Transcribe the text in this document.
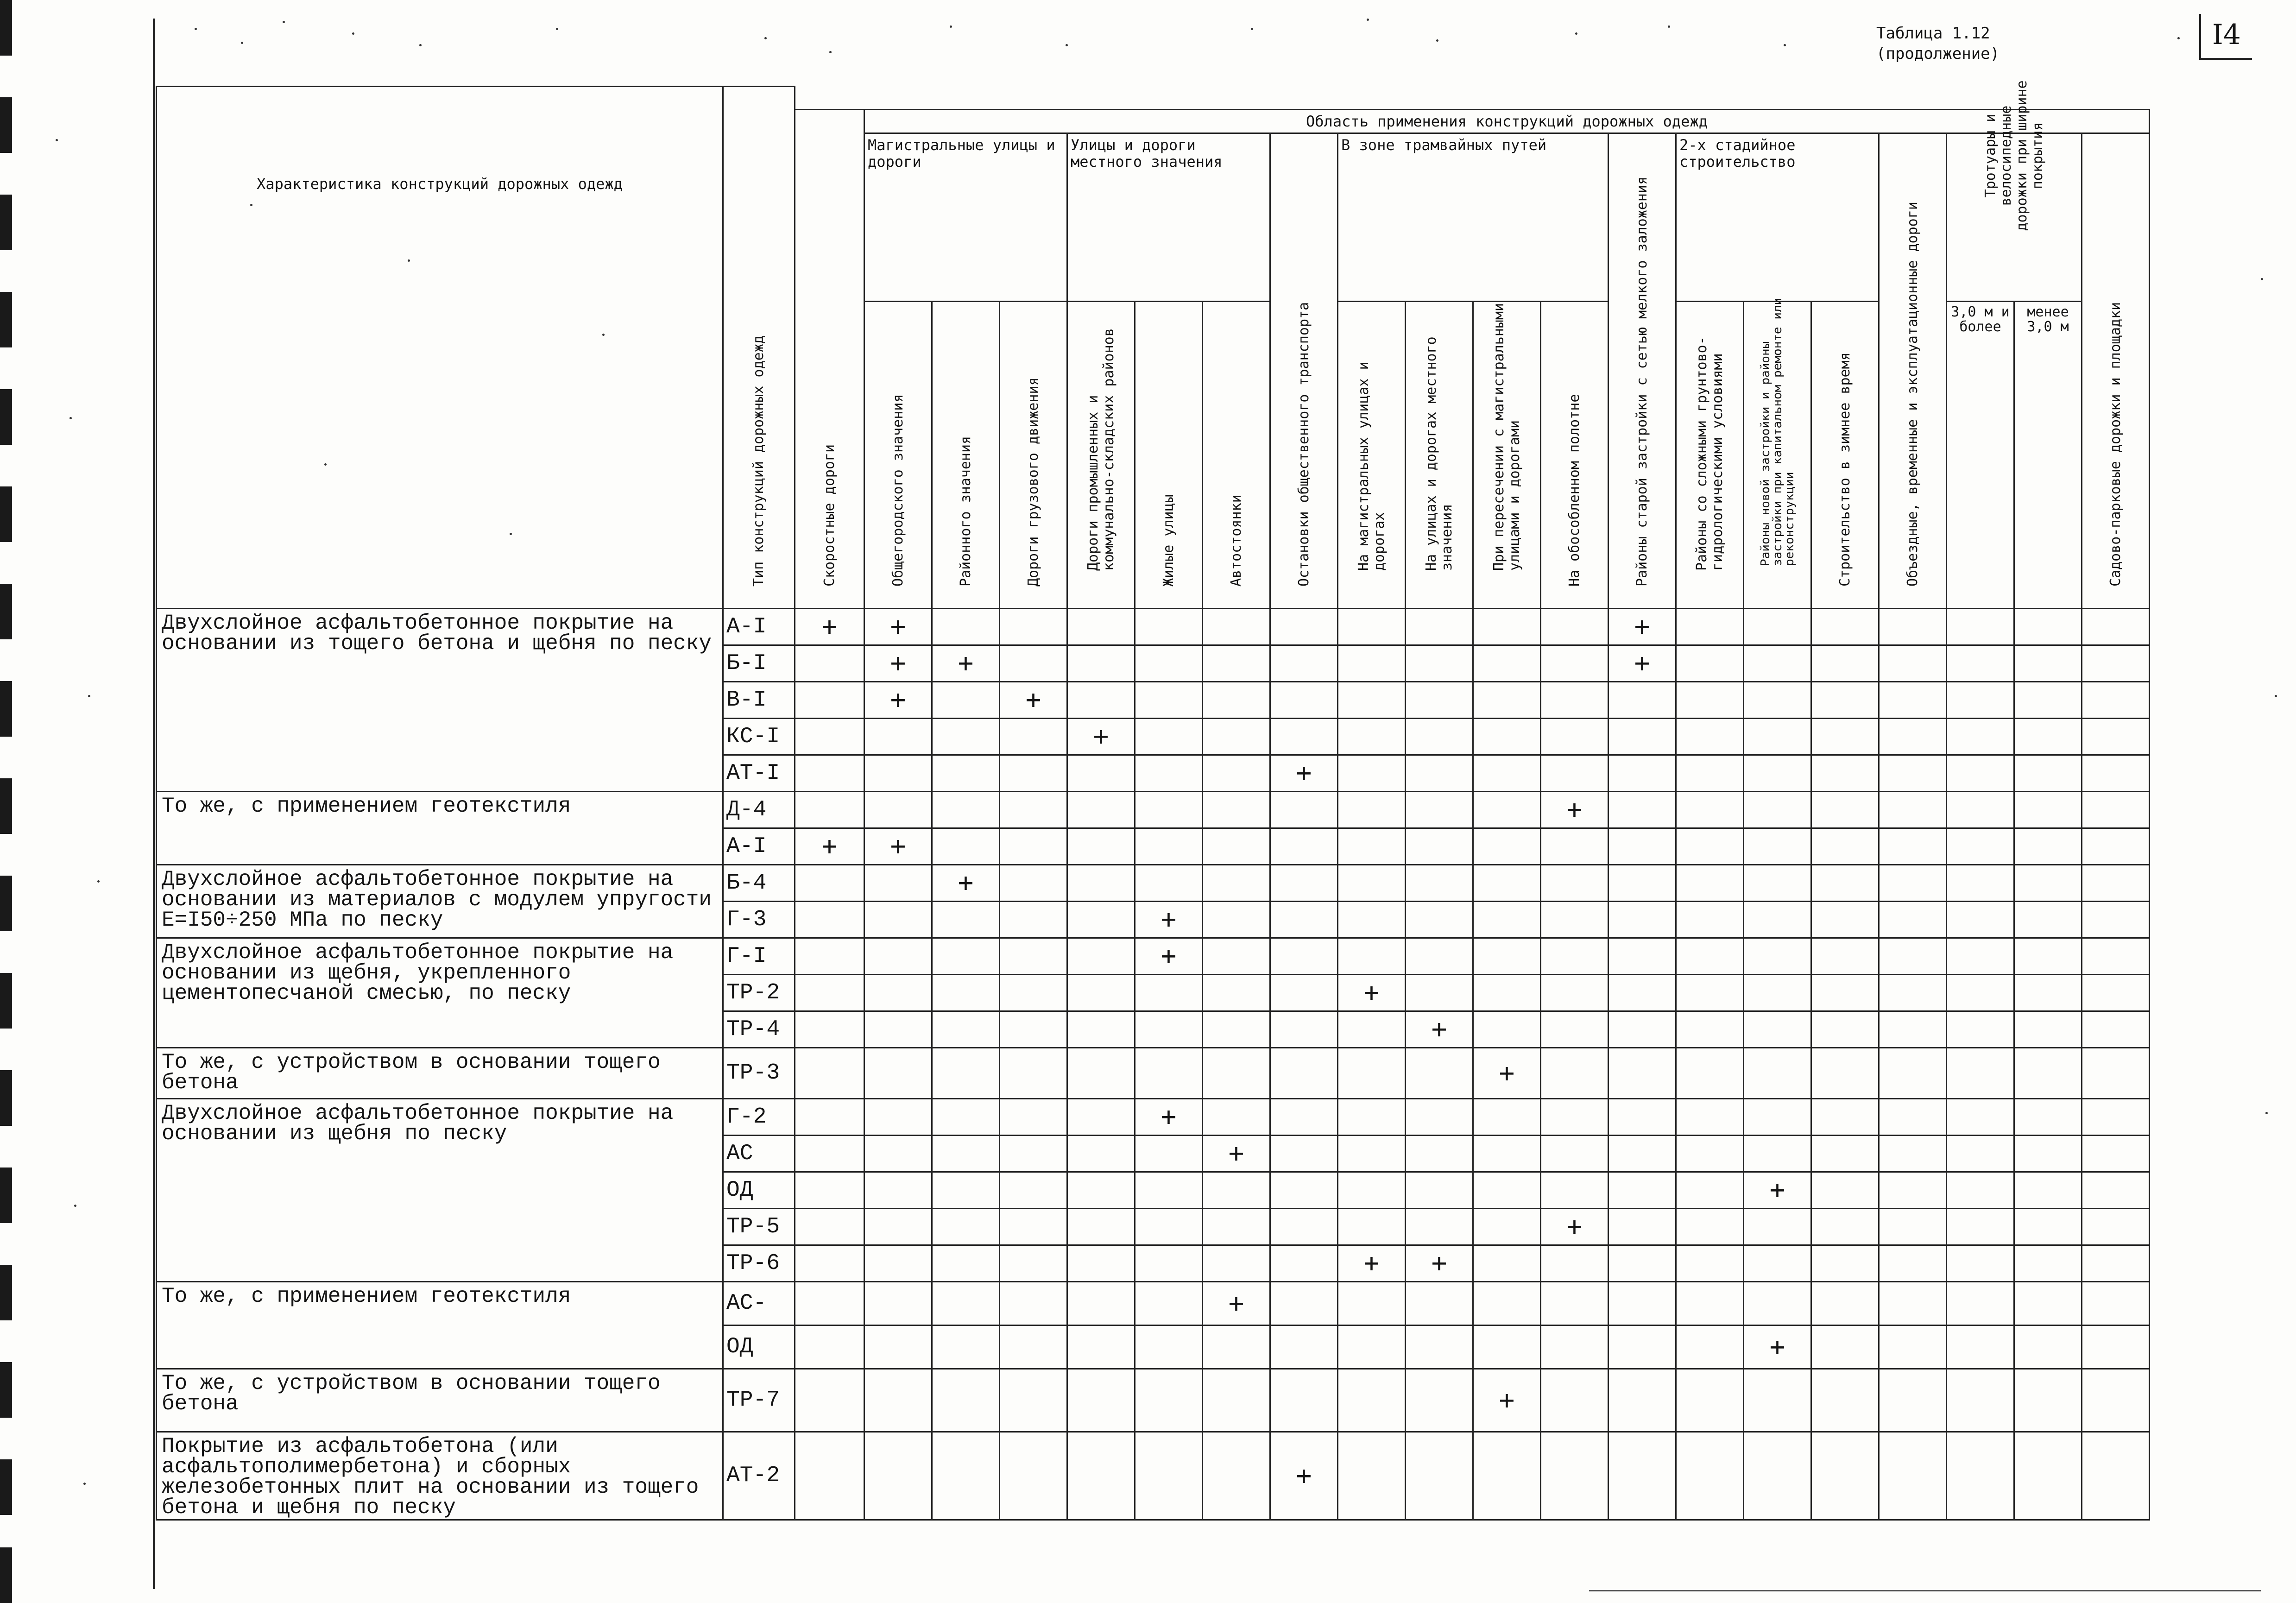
I4
Таблица 1.12
(продолжение)
Характеристика конструкций дорожных одежд	Тип конструкций дорожных одежд																				

		Скоростные дороги	Область применения конструкций дорожных одежд																		
			Магистральные улицы и дороги			Улицы и дороги местного значения			Остановки общественного транспорта	В зоне трамвайных путей				Районы старой застройки с сетью мелкого заложения	2-х стадийное строительство			Объездные, временные и эксплуатационные дороги	Тротуары и велосипедные дорожки при ширине покрытия		Садово-парковые дорожки и площадки

			Общегородского значения	Районного значения	Дороги грузового движения	Дороги промышленных и коммунально-складских районов	Жилые улицы	Автостоянки		На магистральных улицах и дорогах	На улицах и дорогах местного значения	При пересечении с магистральными улицами и дорогами	На обособленном полотне		Районы со сложными грунтово-гидрологическими условиями	Районы новой застройки и районы застройки при капитальном ремонте или реконструкции	Строительство в зимнее время		3,0 м и более	менее 3,0 м	
Двухслойное асфальтобетонное покрытие на основании из тощего бетона и щебня по песку	А-I	+	+											+							
	Б-I		+	+										+							
	В-I		+		+																
	КС-I					+															
	АТ-I								+												
То же, с применением геотекстиля	Д-4												+								
	А-I	+	+																		
Двухслойное асфальтобетонное покрытие на основании из материалов с модулем упругости Е=I50÷250 МПа по песку	Б-4			+																	
	Г-3						+														
Двухслойное асфальтобетонное покрытие на основании из щебня, укрепленного цементопесчаной смесью, по песку	Г-I						+														
	ТР-2									+											
	ТР-4										+										
То же, с устройством в основании тощего бетона	ТР-3											+									
Двухслойное асфальтобетонное покрытие на основании из щебня по песку	Г-2						+														
	АС							+													
	ОД															+					
	ТР-5												+								
	ТР-6									+	+										
То же, с применением геотекстиля	АС-							+													
	ОД															+					
То же, с устройством в основании тощего бетона	ТР-7											+									
Покрытие из асфальтобетона (или асфальтополимербетона) и сборных железобетонных плит на основании из тощего бетона и щебня по песку	АТ-2								+												
